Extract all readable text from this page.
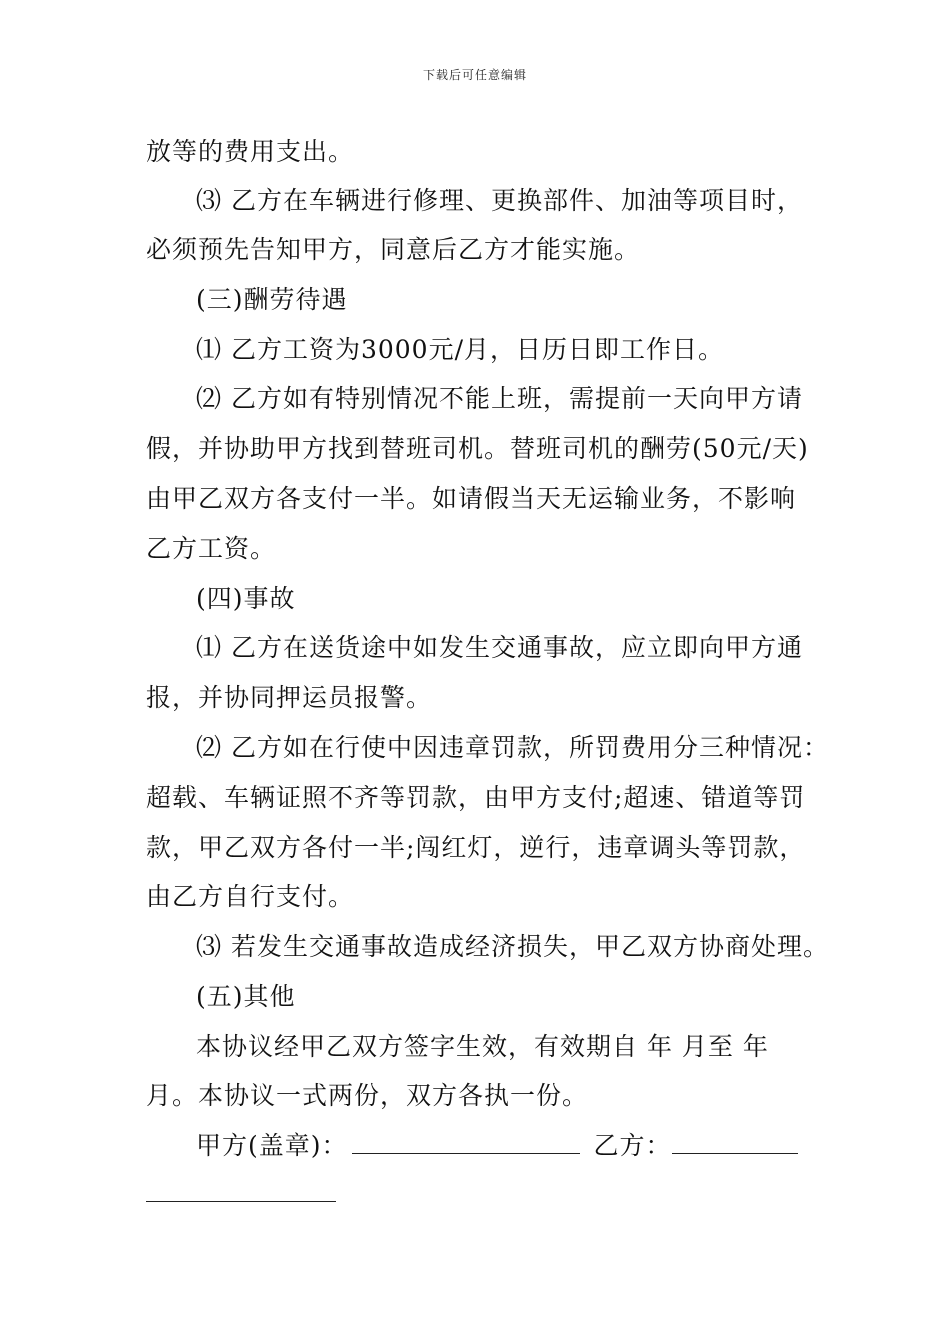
下载后可任意编辑
放等的费用支出。
⑶ 乙方在车辆进行修理、更换部件、加油等项目时，
必须预先告知甲方，同意后乙方才能实施。
(三)酬劳待遇
⑴ 乙方工资为3000元/月，日历日即工作日。
⑵ 乙方如有特别情况不能上班，需提前一天向甲方请
假，并协助甲方找到替班司机。替班司机的酬劳(50元/天)
由甲乙双方各支付一半。如请假当天无运输业务，不影响
乙方工资。
(四)事故
⑴ 乙方在送货途中如发生交通事故，应立即向甲方通
报，并协同押运员报警。
⑵ 乙方如在行使中因违章罚款，所罚费用分三种情况：
超载、车辆证照不齐等罚款，由甲方支付;超速、错道等罚
款，甲乙双方各付一半;闯红灯，逆行，违章调头等罚款，
由乙方自行支付。
⑶ 若发生交通事故造成经济损失，甲乙双方协商处理。
(五)其他
本协议经甲乙双方签字生效，有效期自 年 月至 年
月。本协议一式两份，双方各执一份。
甲方(盖章)：	乙方：
